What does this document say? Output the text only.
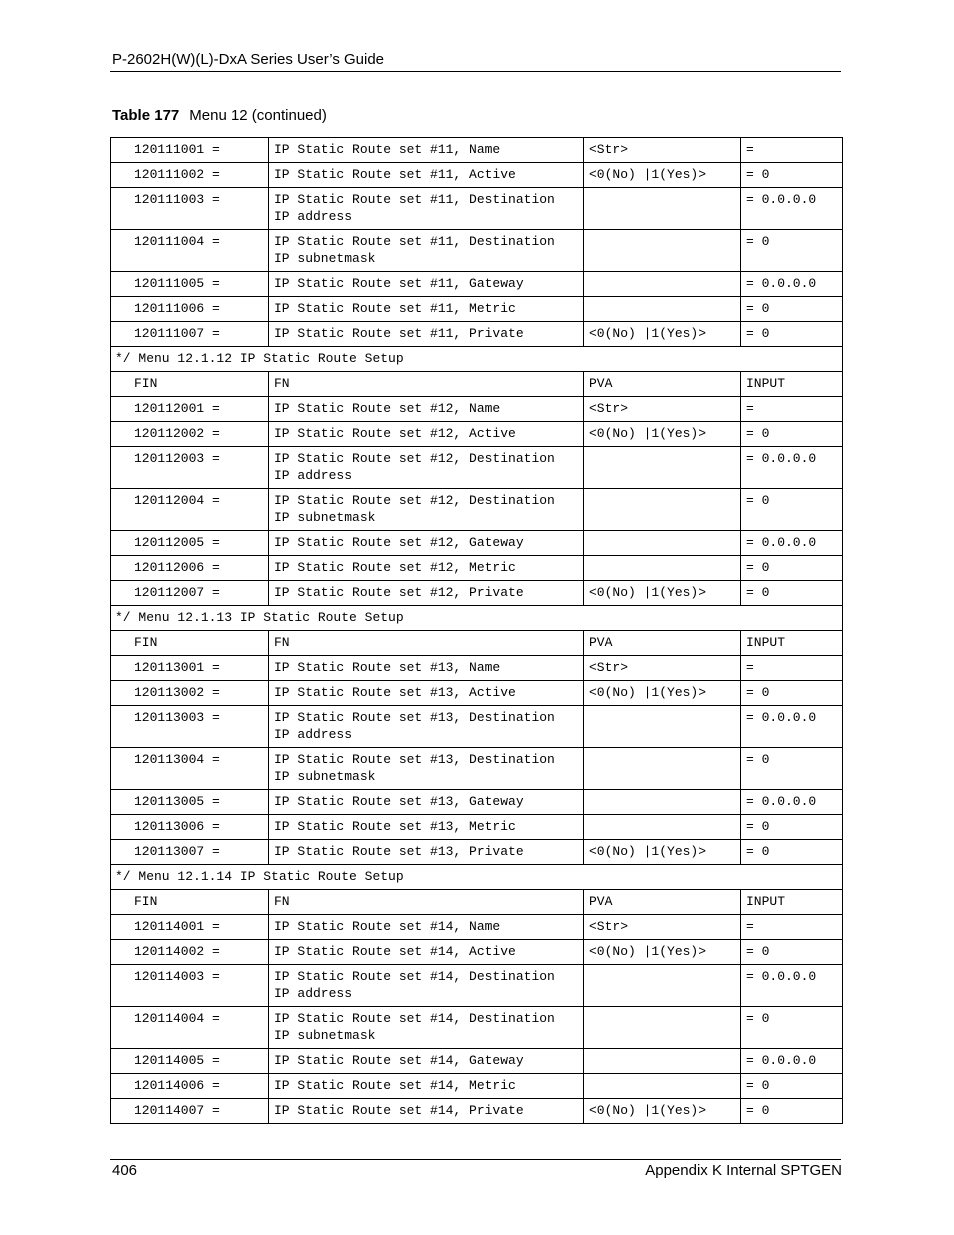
P-2602H(W)(L)-DxA Series User’s Guide
Table 177 Menu 12 (continued)
120111001 =	IP Static Route set #11, Name	<Str>	=
120111002 =	IP Static Route set #11, Active	<0(No) |1(Yes)>	= 0
120111003 =	IP Static Route set #11, Destination
IP address		= 0.0.0.0
120111004 =	IP Static Route set #11, Destination
IP subnetmask		= 0
120111005 =	IP Static Route set #11, Gateway		= 0.0.0.0
120111006 =	IP Static Route set #11, Metric		= 0
120111007 =	IP Static Route set #11, Private	<0(No) |1(Yes)>	= 0
*/ Menu 12.1.12 IP Static Route Setup			
FIN	FN	PVA	INPUT
120112001 =	IP Static Route set #12, Name	<Str>	=
120112002 =	IP Static Route set #12, Active	<0(No) |1(Yes)>	= 0
120112003 =	IP Static Route set #12, Destination
IP address		= 0.0.0.0
120112004 =	IP Static Route set #12, Destination
IP subnetmask		= 0
120112005 =	IP Static Route set #12, Gateway		= 0.0.0.0
120112006 =	IP Static Route set #12, Metric		= 0
120112007 =	IP Static Route set #12, Private	<0(No) |1(Yes)>	= 0
*/ Menu 12.1.13 IP Static Route Setup			
FIN	FN	PVA	INPUT
120113001 =	IP Static Route set #13, Name	<Str>	=
120113002 =	IP Static Route set #13, Active	<0(No) |1(Yes)>	= 0
120113003 =	IP Static Route set #13, Destination
IP address		= 0.0.0.0
120113004 =	IP Static Route set #13, Destination
IP subnetmask		= 0
120113005 =	IP Static Route set #13, Gateway		= 0.0.0.0
120113006 =	IP Static Route set #13, Metric		= 0
120113007 =	IP Static Route set #13, Private	<0(No) |1(Yes)>	= 0
*/ Menu 12.1.14 IP Static Route Setup			
FIN	FN	PVA	INPUT
120114001 =	IP Static Route set #14, Name	<Str>	=
120114002 =	IP Static Route set #14, Active	<0(No) |1(Yes)>	= 0
120114003 =	IP Static Route set #14, Destination
IP address		= 0.0.0.0
120114004 =	IP Static Route set #14, Destination
IP subnetmask		= 0
120114005 =	IP Static Route set #14, Gateway		= 0.0.0.0
120114006 =	IP Static Route set #14, Metric		= 0
120114007 =	IP Static Route set #14, Private	<0(No) |1(Yes)>	= 0
406	Appendix K Internal SPTGEN
